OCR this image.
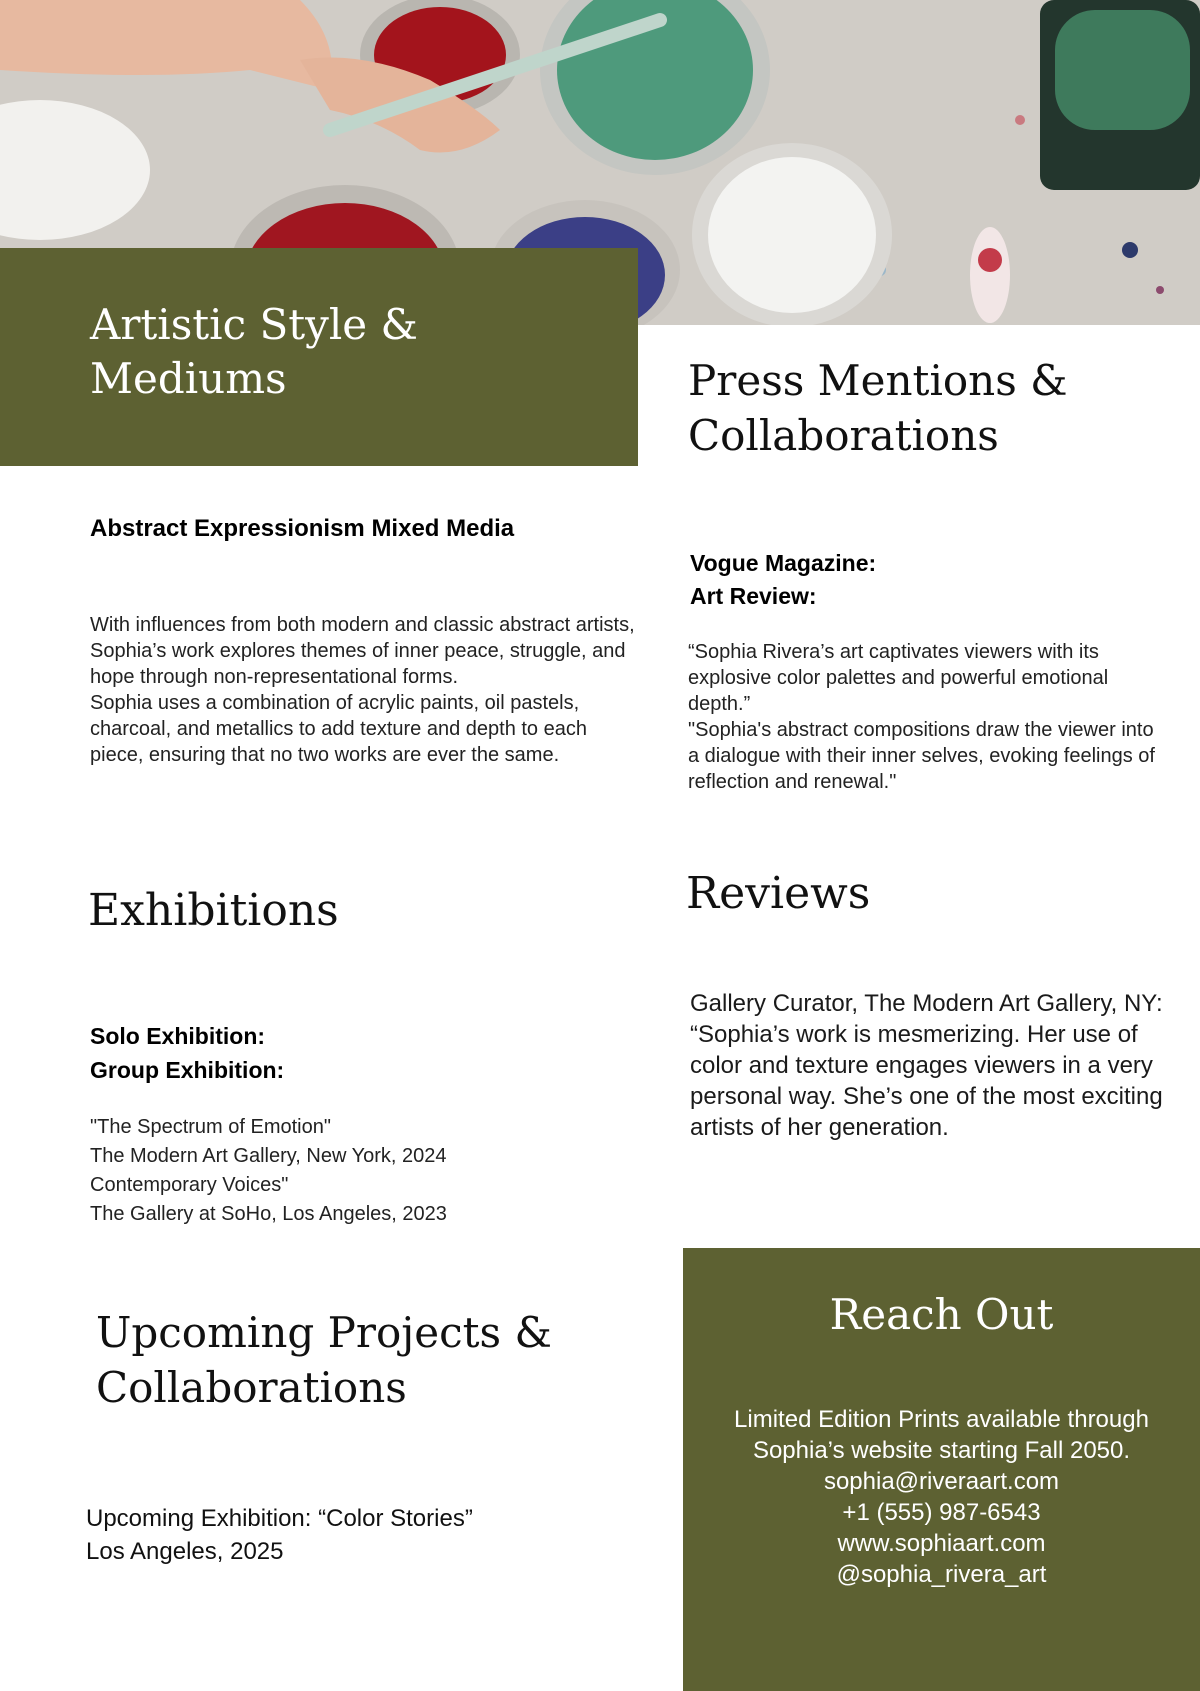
Artistic Style & Mediums	Press Mentions & Collaborations
Abstract Expressionism Mixed Media

With influences from both modern and classic abstract artists, Sophia’s work explores themes of inner peace, struggle, and hope through non-representational forms.

Sophia uses a combination of acrylic paints, oil pastels, charcoal, and metallics to add texture and depth to each piece, ensuring that no two works are ever the same.

Vogue Magazine:
Art Review:

“Sophia Rivera’s art captivates viewers with its explosive color palettes and powerful emotional depth.”

"Sophia's abstract compositions draw the viewer into a dialogue with their inner selves, evoking feelings of reflection and renewal."

Exhibitions
Solo Exhibition:
Group Exhibition:
"The Spectrum of Emotion"
The Modern Art Gallery, New York, 2024
Contemporary Voices"
The Gallery at SoHo, Los Angeles, 2023
Reviews
Gallery Curator, The Modern Art Gallery, NY:
“Sophia’s work is mesmerizing. Her use of color and texture engages viewers in a very personal way. She’s one of the most exciting artists of her generation.
Upcoming Projects & Collaborations
Upcoming Exhibition: “Color Stories”
Los Angeles, 2025
Reach Out
Limited Edition Prints available through Sophia’s website starting Fall 2050.
sophia@riveraart.com
+1 (555) 987-6543
www.sophiaart.com
@sophia_rivera_art
